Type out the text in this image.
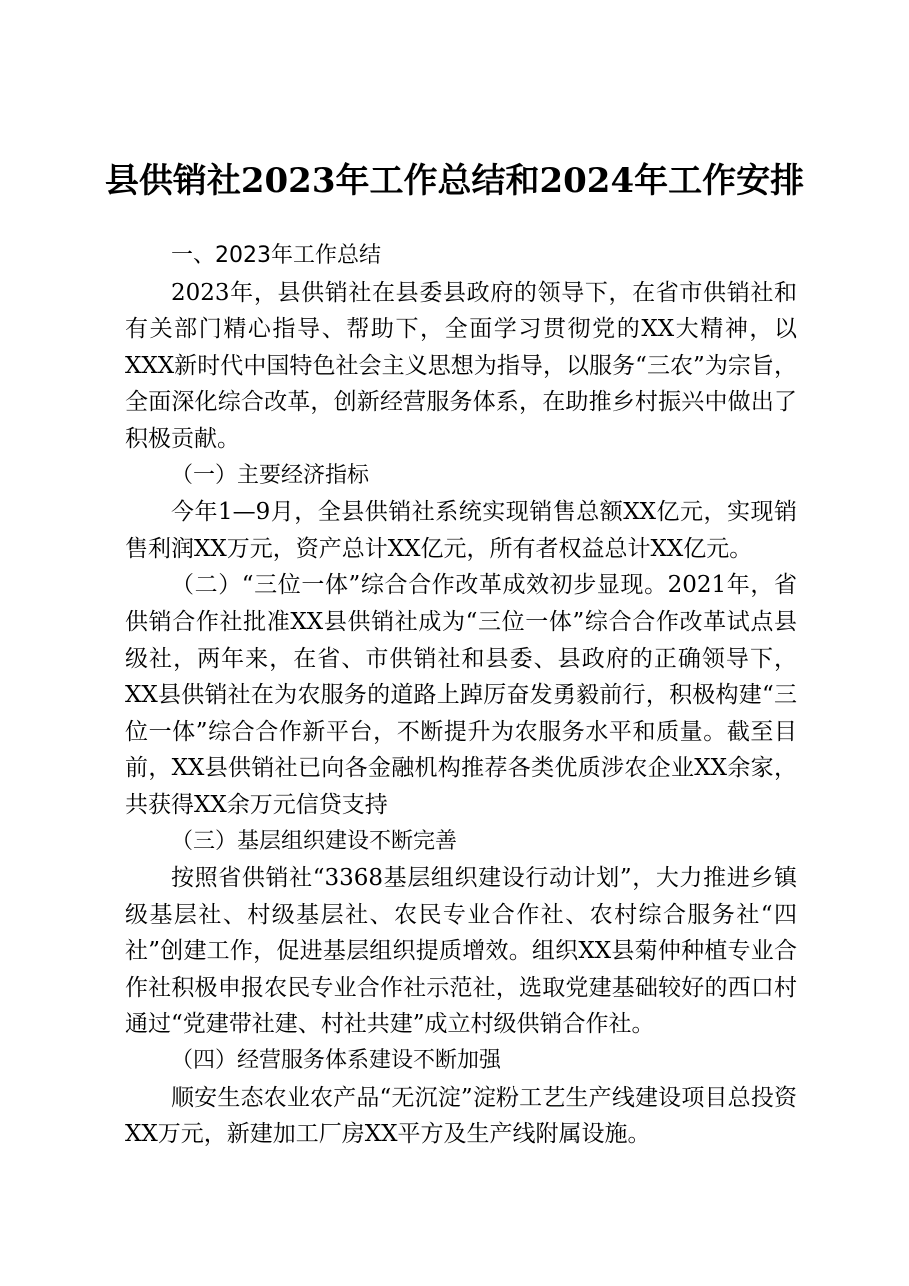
县供销社2023年工作总结和2024年工作安排

一、2023年工作总结

2023年，县供销社在县委县政府的领导下，在省市供销社和有关部门精心指导、帮助下，全面学习贯彻党的XX大精神，以XXX新时代中国特色社会主义思想为指导，以服务“三农”为宗旨，全面深化综合改革，创新经营服务体系，在助推乡村振兴中做出了积极贡献。

（一）主要经济指标

今年1—9月，全县供销社系统实现销售总额XX亿元，实现销售利润XX万元，资产总计XX亿元，所有者权益总计XX亿元。

（二）“三位一体”综合合作改革成效初步显现。2021年，省供销合作社批准XX县供销社成为“三位一体”综合合作改革试点县级社，两年来，在省、市供销社和县委、县政府的正确领导下，XX县供销社在为农服务的道路上踔厉奋发勇毅前行，积极构建“三位一体”综合合作新平台，不断提升为农服务水平和质量。截至目前，XX县供销社已向各金融机构推荐各类优质涉农企业XX余家，共获得XX余万元信贷支持

（三）基层组织建设不断完善

按照省供销社“3368基层组织建设行动计划”，大力推进乡镇级基层社、村级基层社、农民专业合作社、农村综合服务社“四社”创建工作，促进基层组织提质增效。组织XX县菊仲种植专业合作社积极申报农民专业合作社示范社，选取党建基础较好的西口村通过“党建带社建、村社共建”成立村级供销合作社。

（四）经营服务体系建设不断加强

顺安生态农业农产品“无沉淀”淀粉工艺生产线建设项目总投资XX万元，新建加工厂房XX平方及生产线附属设施。
